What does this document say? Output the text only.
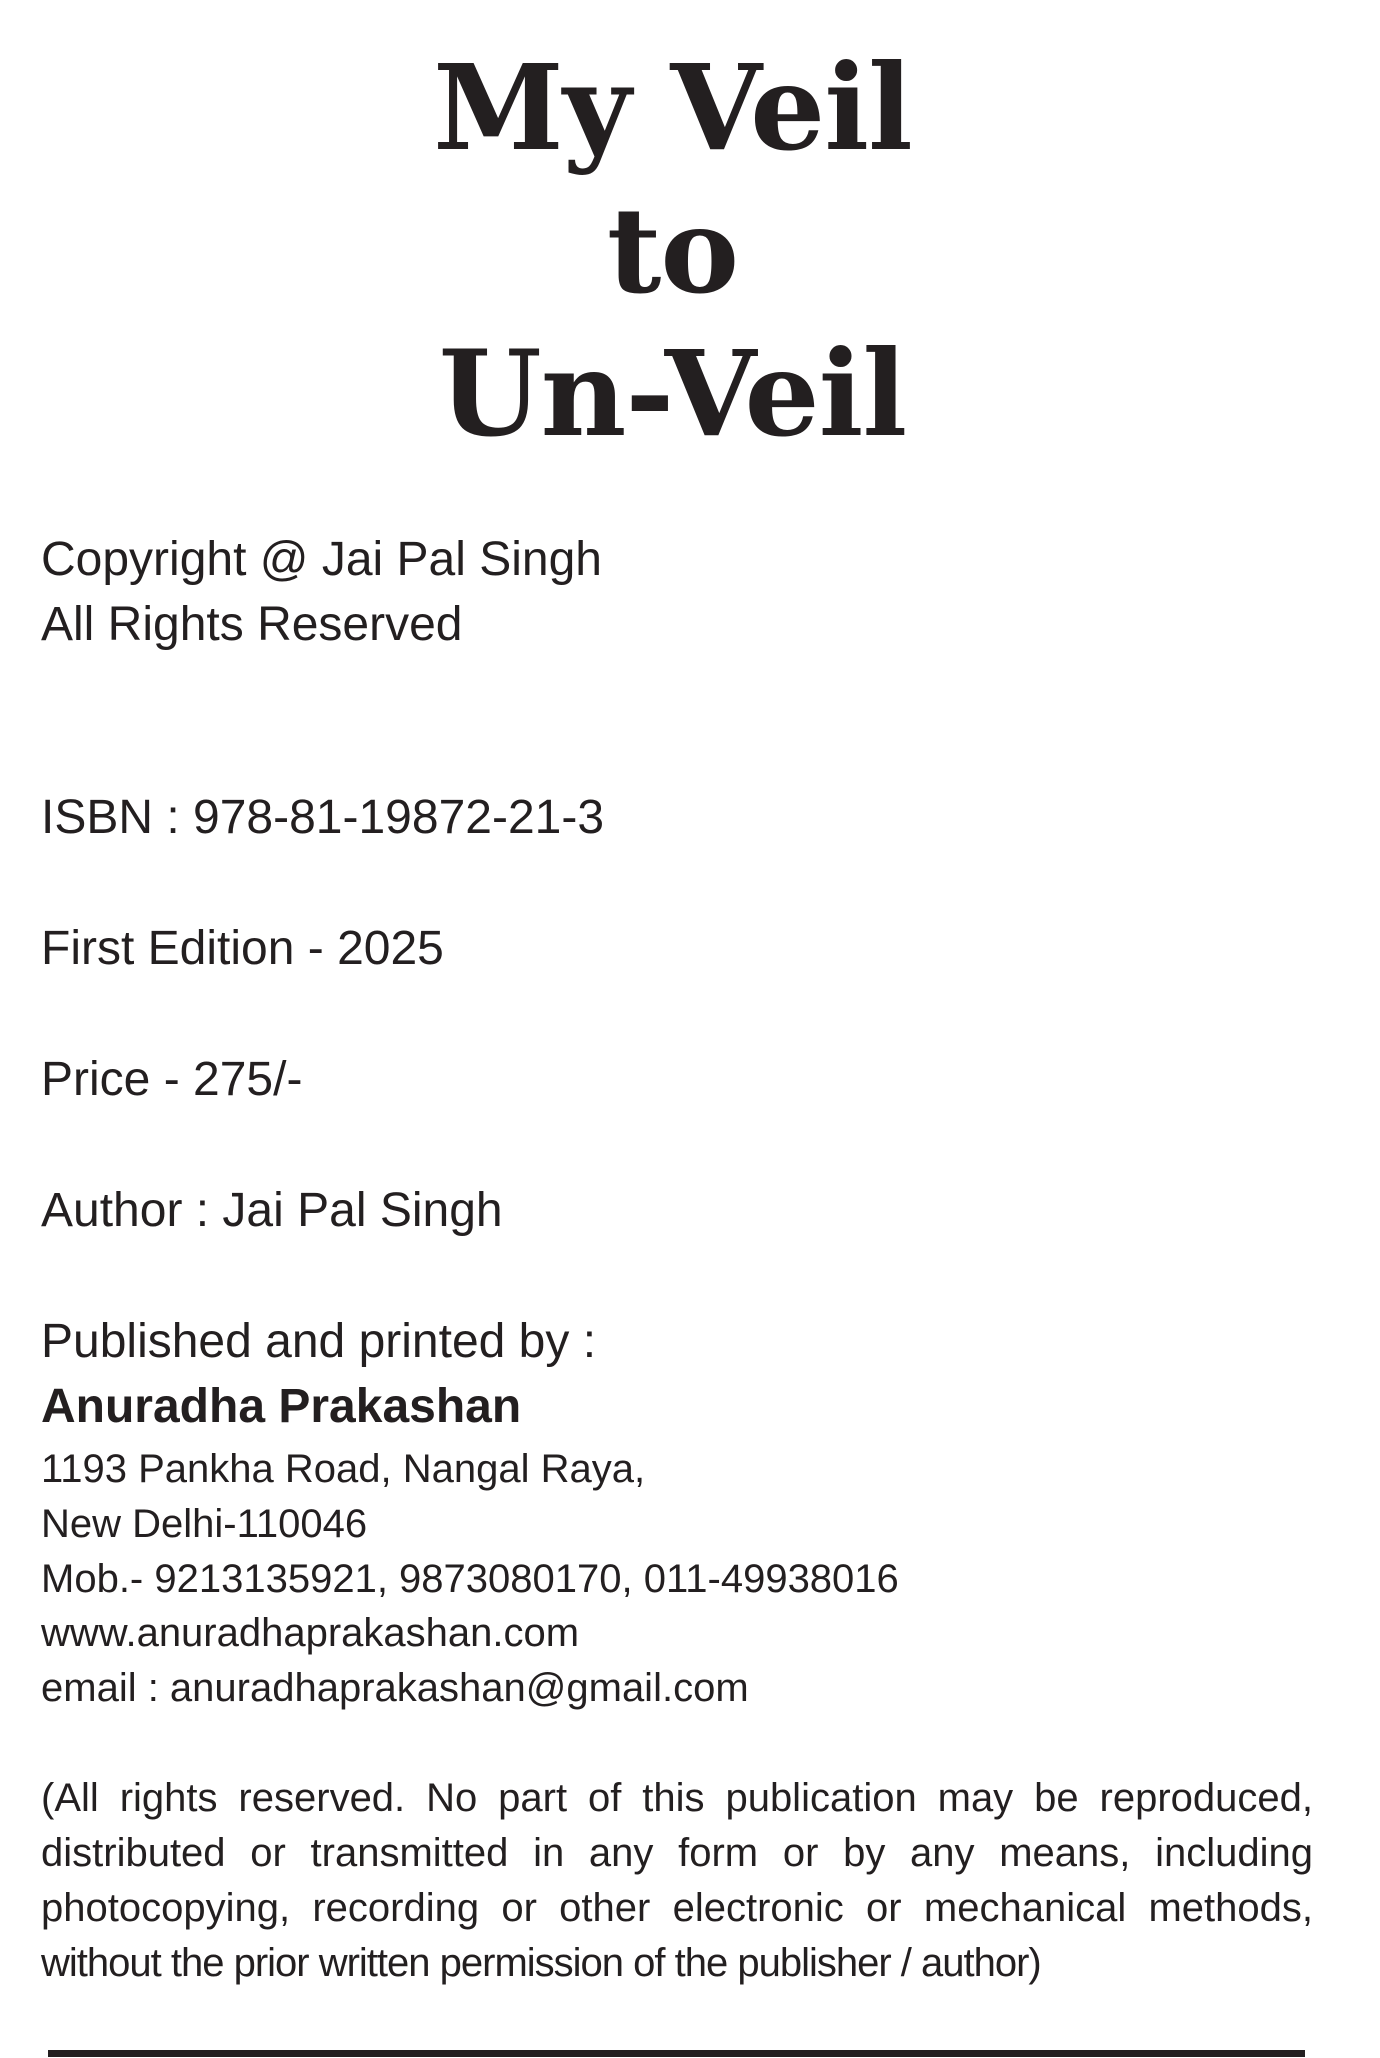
My Veil
to
Un-Veil
Copyright @ Jai Pal Singh
All Rights Reserved
ISBN : 978-81-19872-21-3
First Edition - 2025
Price - 275/-
Author : Jai Pal Singh
Published and printed by :
Anuradha Prakashan
1193 Pankha Road, Nangal Raya,
New Delhi-110046
Mob.- 9213135921, 9873080170, 011-49938016
www.anuradhaprakashan.com
email : anuradhaprakashan@gmail.com
(All rights reserved. No part of this publication may be reproduced,
distributed or transmitted in any form or by any means, including
photocopying, recording or other electronic or mechanical methods,
without the prior written permission of the publisher / author)
